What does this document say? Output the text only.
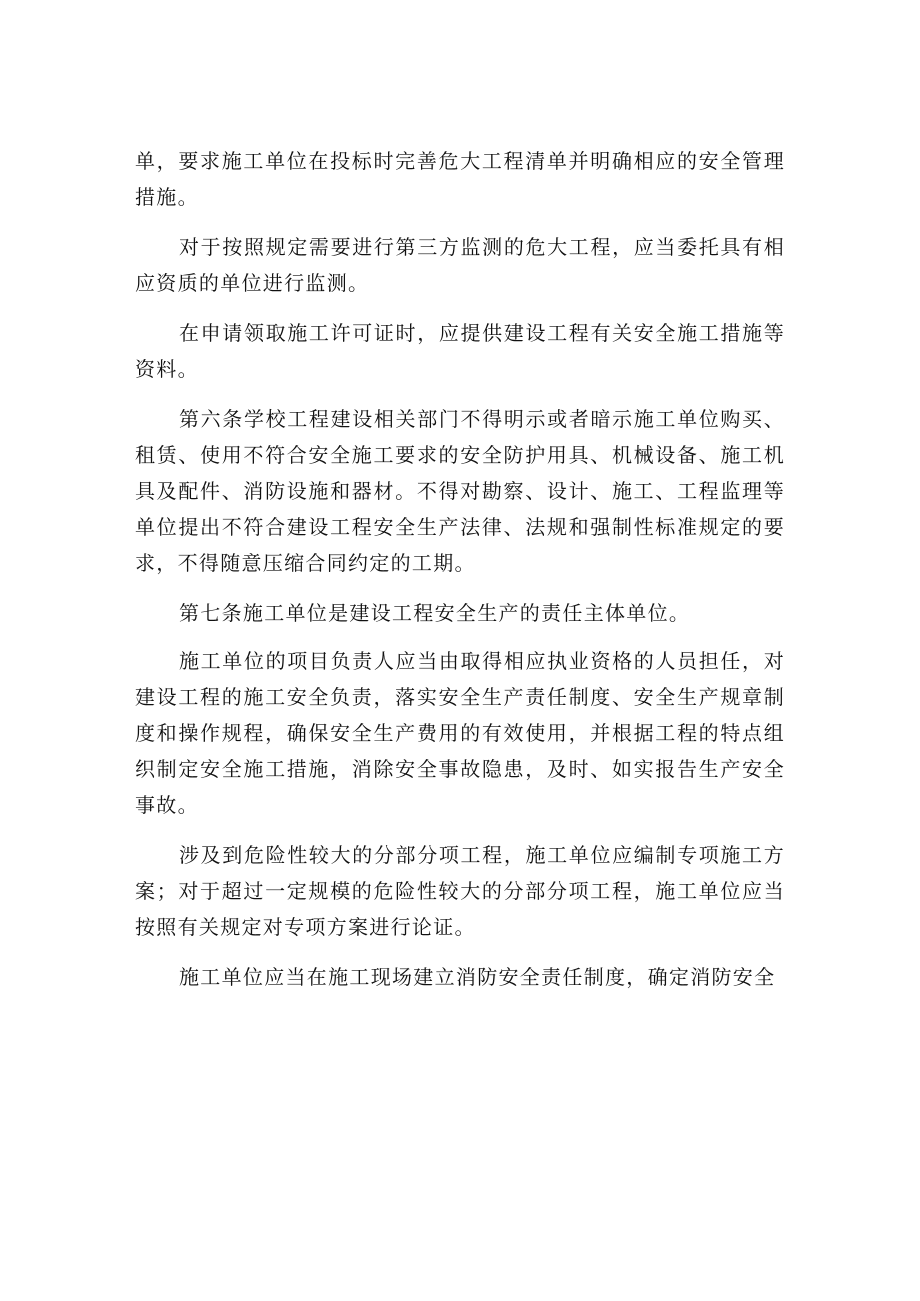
单，要求施工单位在投标时完善危大工程清单并明确相应的安全管理措施。

对于按照规定需要进行第三方监测的危大工程，应当委托具有相应资质的单位进行监测。

在申请领取施工许可证时，应提供建设工程有关安全施工措施等资料。

第六条学校工程建设相关部门不得明示或者暗示施工单位购买、租赁、使用不符合安全施工要求的安全防护用具、机械设备、施工机具及配件、消防设施和器材。不得对勘察、设计、施工、工程监理等单位提出不符合建设工程安全生产法律、法规和强制性标准规定的要求，不得随意压缩合同约定的工期。

第七条施工单位是建设工程安全生产的责任主体单位。

施工单位的项目负责人应当由取得相应执业资格的人员担任，对建设工程的施工安全负责，落实安全生产责任制度、安全生产规章制度和操作规程，确保安全生产费用的有效使用，并根据工程的特点组织制定安全施工措施，消除安全事故隐患，及时、如实报告生产安全事故。

涉及到危险性较大的分部分项工程，施工单位应编制专项施工方案；对于超过一定规模的危险性较大的分部分项工程，施工单位应当按照有关规定对专项方案进行论证。

施工单位应当在施工现场建立消防安全责任制度，确定消防安全
